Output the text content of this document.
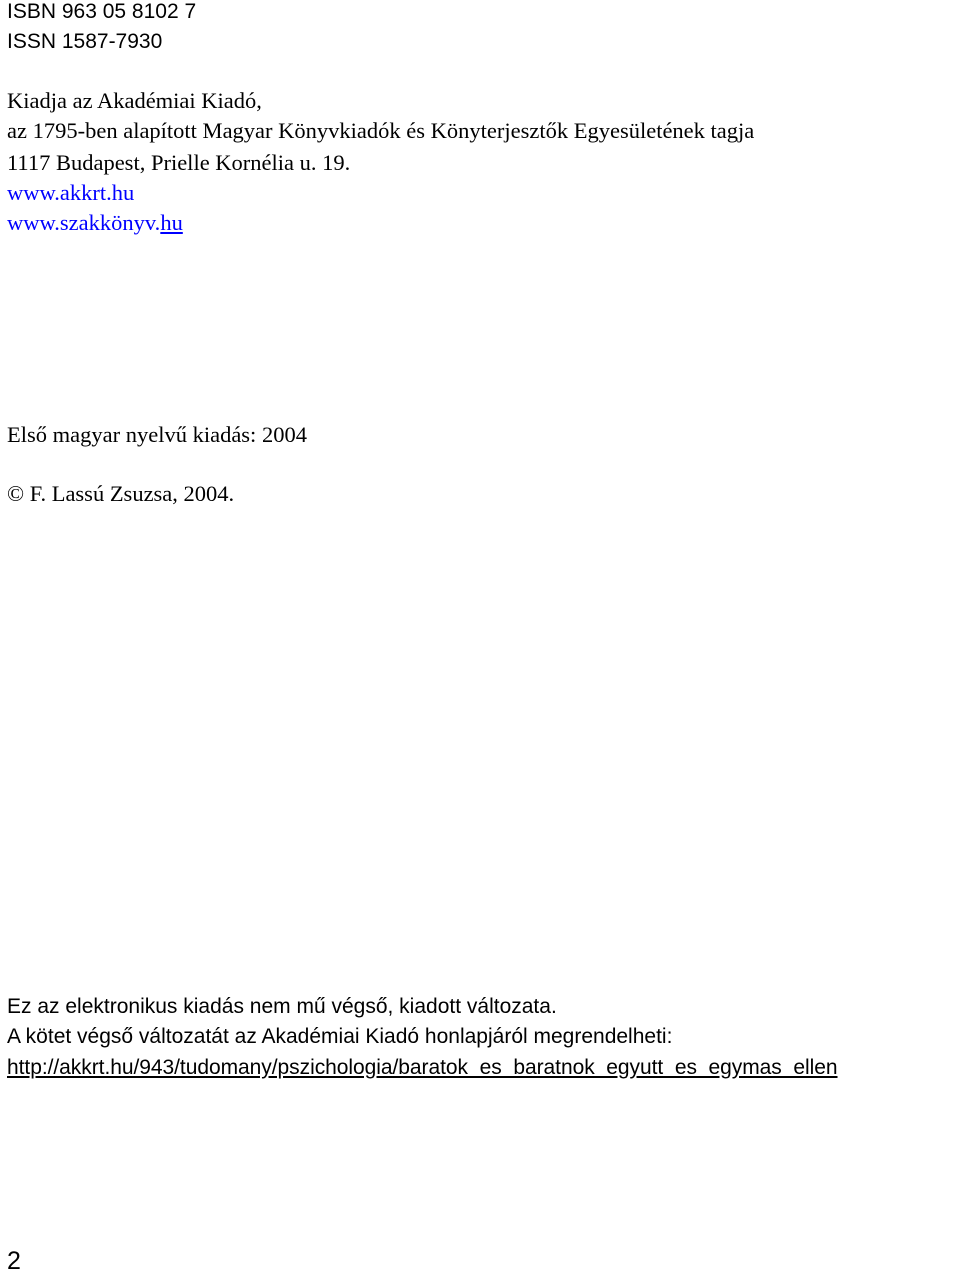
ISBN 963 05 8102 7

ISSN 1587-7930

Kiadja az Akadémiai Kiadó,

az 1795-ben alapított Magyar Könyvkiadók és Könyterjesztők Egyesületének tagja

1117 Budapest, Prielle Kornélia u. 19.

www.akkrt.hu

www.szakkönyv.hu

Első magyar nyelvű kiadás: 2004

© F. Lassú Zsuzsa, 2004.

Ez az elektronikus kiadás nem mű végső, kiadott változata.

A kötet végső változatát az Akadémiai Kiadó honlapjáról megrendelheti:

http://akkrt.hu/943/tudomany/pszichologia/baratok_es_baratnok_egyutt_es_egymas_ellen

2
